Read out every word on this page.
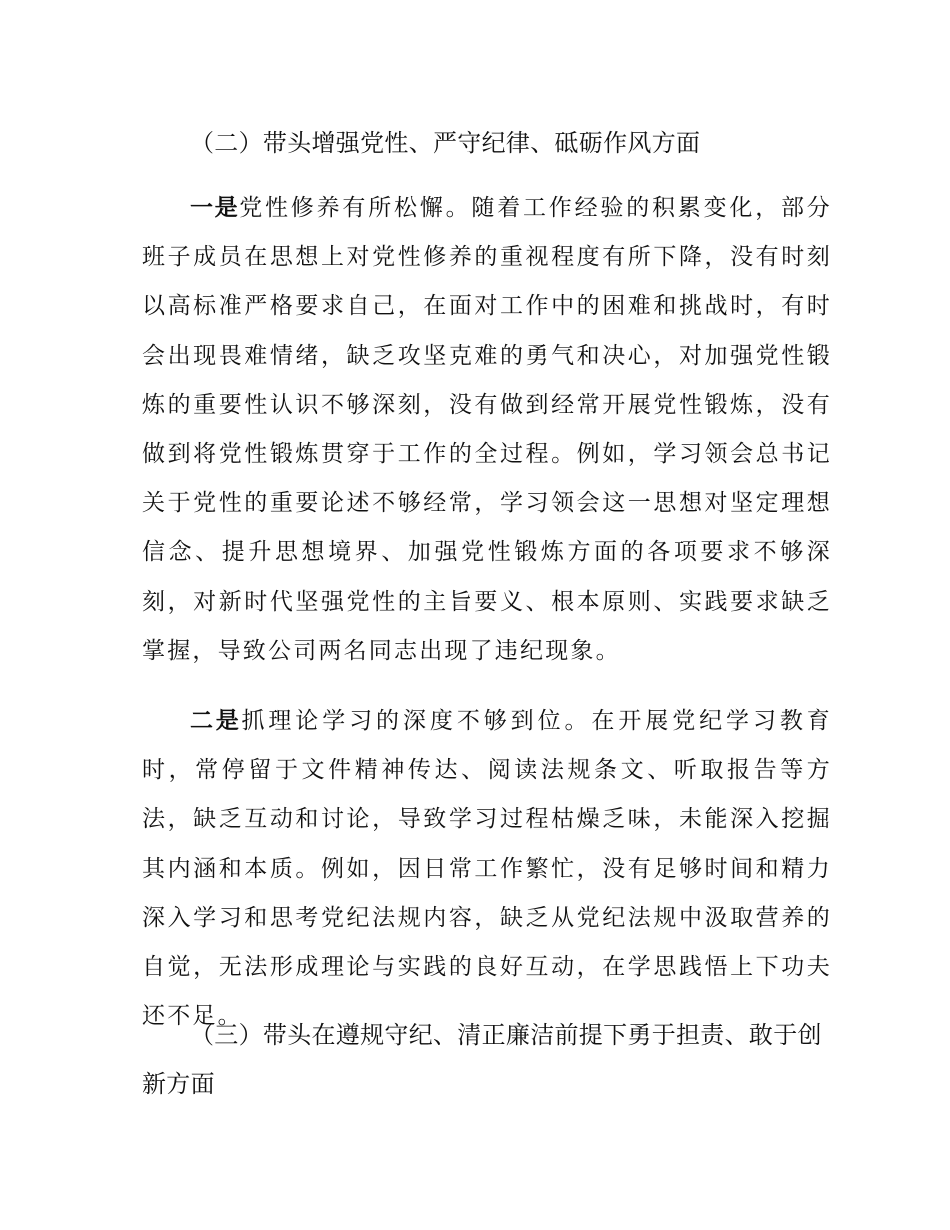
（二）带头增强党性、严守纪律、砥砺作风方面

一是党性修养有所松懈。随着工作经验的积累变化，部分班子成员在思想上对党性修养的重视程度有所下降，没有时刻以高标准严格要求自己，在面对工作中的困难和挑战时，有时会出现畏难情绪，缺乏攻坚克难的勇气和决心，对加强党性锻炼的重要性认识不够深刻，没有做到经常开展党性锻炼，没有做到将党性锻炼贯穿于工作的全过程。例如，学习领会总书记关于党性的重要论述不够经常，学习领会这一思想对坚定理想信念、提升思想境界、加强党性锻炼方面的各项要求不够深刻，对新时代坚强党性的主旨要义、根本原则、实践要求缺乏掌握，导致公司两名同志出现了违纪现象。

二是抓理论学习的深度不够到位。在开展党纪学习教育时，常停留于文件精神传达、阅读法规条文、听取报告等方法，缺乏互动和讨论，导致学习过程枯燥乏味，未能深入挖掘其内涵和本质。例如，因日常工作繁忙，没有足够时间和精力深入学习和思考党纪法规内容，缺乏从党纪法规中汲取营养的自觉，无法形成理论与实践的良好互动，在学思践悟上下功夫还不足。

（三）带头在遵规守纪、清正廉洁前提下勇于担责、敢于创新方面
